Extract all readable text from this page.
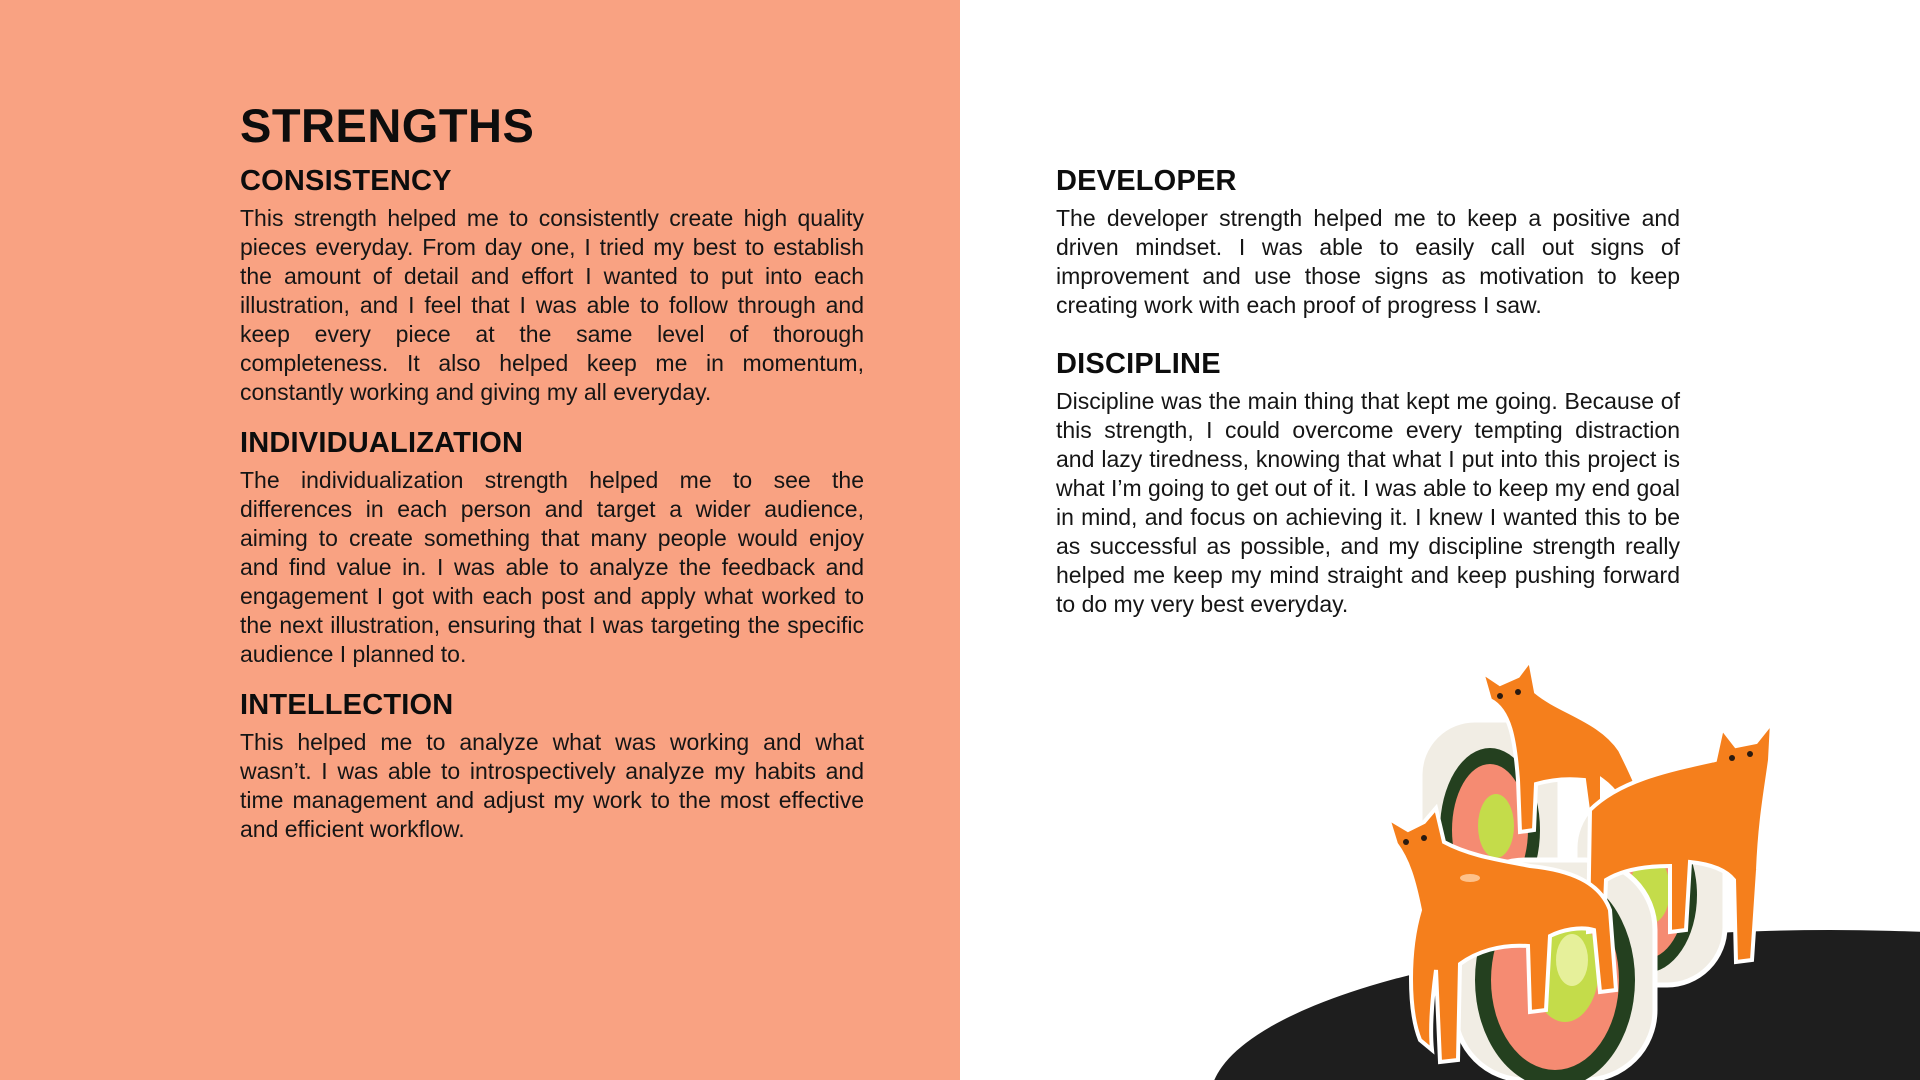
STRENGTHS
CONSISTENCY

This strength helped me to consistently create high quality pieces everyday. From day one, I tried my best to establish the amount of detail and effort I wanted to put into each illustration, and I feel that I was able to follow through and keep every piece at the same level of thorough completeness. It also helped keep me in momentum, constantly working and giving my all everyday.

INDIVIDUALIZATION

The individualization strength helped me to see the differences in each person and target a wider audience, aiming to create something that many people would enjoy and find value in. I was able to analyze the feedback and engagement I got with each post and apply what worked to the next illustration, ensuring that I was targeting the specific audience I planned to.

INTELLECTION

This helped me to analyze what was working and what wasn’t. I was able to introspectively analyze my habits and time management and adjust my work to the most effective and efficient workflow.

DEVELOPER

The developer strength helped me to keep a positive and driven mindset. I was able to easily call out signs of improvement and use those signs as motivation to keep creating work with each proof of progress I saw.

DISCIPLINE

Discipline was the main thing that kept me going. Because of this strength, I could overcome every tempting distraction and lazy tiredness, knowing that what I put into this project is what I’m going to get out of it. I was able to keep my end goal in mind, and focus on achieving it. I knew I wanted this to be as successful as possible, and my discipline strength really helped me keep my mind straight and keep pushing forward to do my very best everyday.
